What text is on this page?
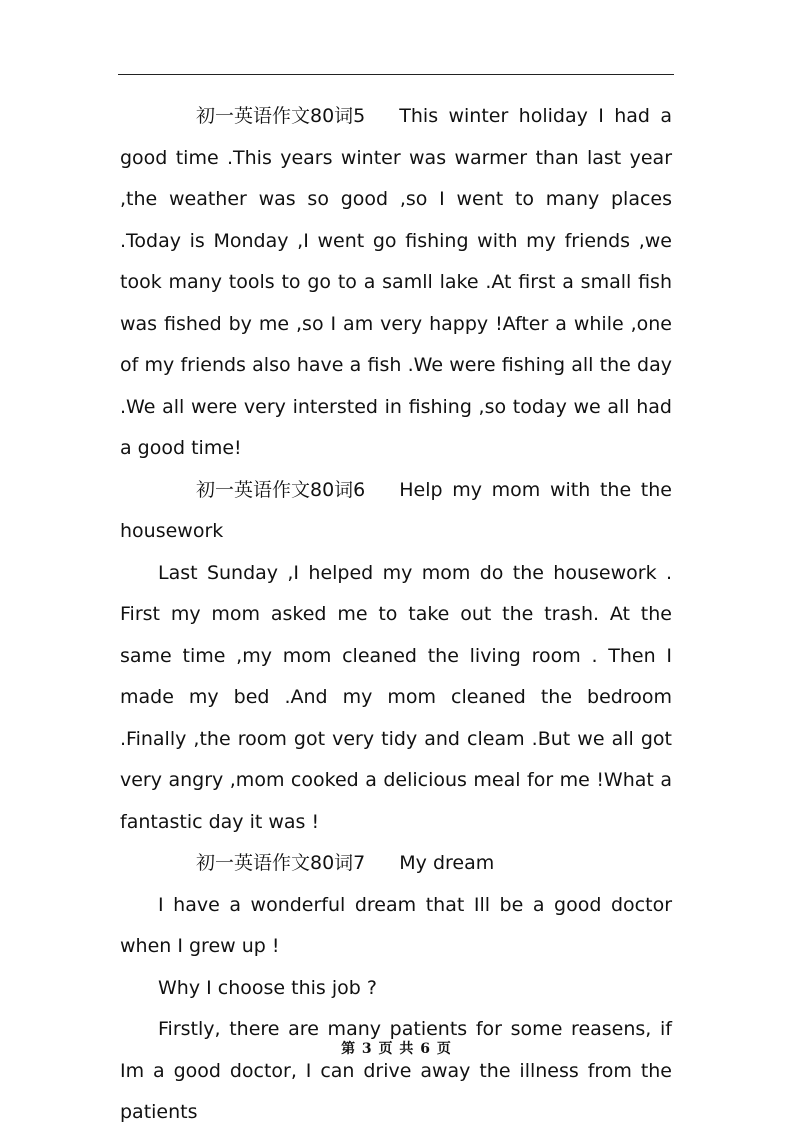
初一英语作文80词5 This winter holiday I had a good time .This years winter was warmer than last year ,the weather was so good ,so I went to many places .Today is Monday ,I went go fishing with my friends ,we took many tools to go to a samll lake .At first a small fish was fished by me ,so I am very happy !After a while ,one of my friends also have a fish .We were fishing all the day .We all were very intersted in fishing ,so today we all had a good time!

初一英语作文80词6 Help my mom with the the housework

Last Sunday ,I helped my mom do the housework . First my mom asked me to take out the trash. At the same time ,my mom cleaned the living room . Then I made my bed .And my mom cleaned the bedroom .Finally ,the room got very tidy and cleam .But we all got very angry ,mom cooked a delicious meal for me !What a fantastic day it was !

初一英语作文80词7 My dream

I have a wonderful dream that Ill be a good doctor when I grew up !

Why I choose this job ?

Firstly, there are many patients for some reasens, if Im a good doctor, I can drive away the illness from the patients

第 3 页 共 6 页
